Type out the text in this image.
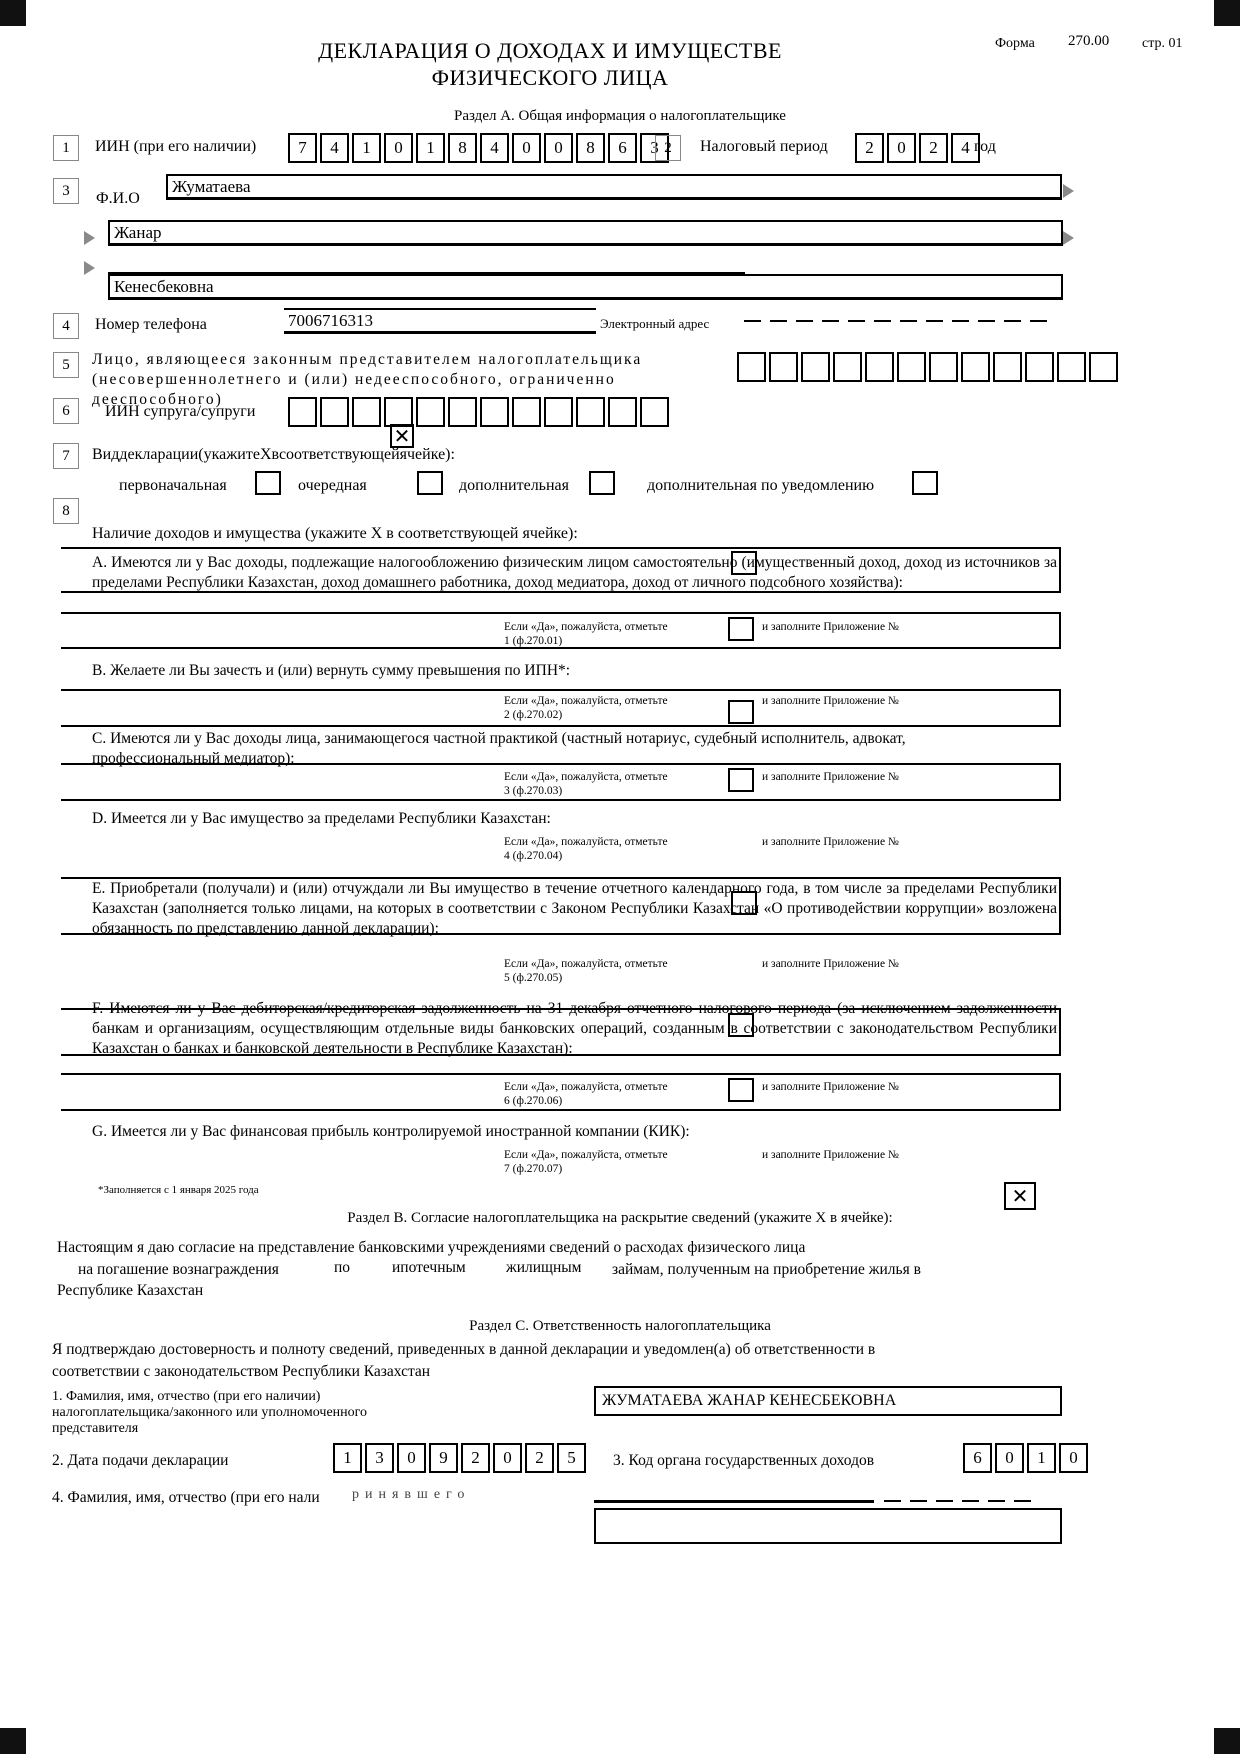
ДЕКЛАРАЦИЯ О ДОХОДАХ И ИМУЩЕСТВЕ
ФИЗИЧЕСКОГО ЛИЦА
Форма 270.00 стр. 01
Раздел А. Общая информация о налогоплательщике
1	ИИН (при его наличии)	7	4	1	0	1	8	4	0	0	8	6	3 2	Налоговый период	2	0	2	4 год
3	Ф.И.О
Жуматаева
Жанар
Кенесбековна
4	Номер телефона	7006716313	Электронный адрес
5	Лицо, являющееся законным представителем налогоплательщика
(несовершеннолетнего и (или) недееспособного, ограниченно дееспособного)
6	ИИН супруга/супруги
✕
7	Виддекларации(укажитеХвсоответствующейячейке):
первоначальная	очередная	дополнительная	дополнительная по уведомлению
8
Наличие доходов и имущества (укажите Х в соответствующей ячейке):
А. Имеются ли у Вас доходы, подлежащие налогообложению физическим лицом самостоятельно (имущественный доход, доход из источников за пределами Республики Казахстан, доход домашнего работника, доход медиатора, доход от личного подсобного хозяйства):
Если «Да», пожалуйста, отметьте
1 (ф.270.01)
и заполните Приложение №
В. Желаете ли Вы зачесть и (или) вернуть сумму превышения по ИПН*:
Если «Да», пожалуйста, отметьте
2 (ф.270.02)
и заполните Приложение №
С. Имеются ли у Вас доходы лица, занимающегося частной практикой (частный нотариус, судебный исполнитель, адвокат, профессиональный медиатор):
Если «Да», пожалуйста, отметьте
3 (ф.270.03)
и заполните Приложение №
D. Имеется ли у Вас имущество за пределами Республики Казахстан:
Если «Да», пожалуйста, отметьте
4 (ф.270.04)
и заполните Приложение №
Е. Приобретали (получали) и (или) отчуждали ли Вы имущество в течение отчетного календарного года, в том числе за пределами Республики Казахстан (заполняется только лицами, на которых в соответствии с Законом Республики Казахстан «О противодействии коррупции» возложена обязанность по представлению данной декларации):
Если «Да», пожалуйста, отметьте
5 (ф.270.05)
и заполните Приложение №
F. Имеются ли у Вас дебиторская/кредиторская задолженность на 31 декабря отчетного налогового периода (за исключением задолженности банкам и организациям, осуществляющим отдельные виды банковских операций, созданным в соответствии с законодательством Республики Казахстан о банках и банковской деятельности в Республике Казахстан):
Если «Да», пожалуйста, отметьте
6 (ф.270.06)
и заполните Приложение №
G. Имеется ли у Вас финансовая прибыль контролируемой иностранной компании (КИК):
Если «Да», пожалуйста, отметьте
7 (ф.270.07)
и заполните Приложение №
*Заполняется с 1 января 2025 года
✕
Раздел В. Согласие налогоплательщика на раскрытие сведений (укажите Х в ячейке):
Настоящим я даю согласие на представление банковскими учреждениями сведений о расходах физического лица
на погашение вознаграждения	по	ипотечным	жилищным займам, полученным на приобретение жилья в
Республике Казахстан
Раздел С. Ответственность налогоплательщика
Я подтверждаю достоверность и полноту сведений, приведенных в данной декларации и уведомлен(а) об ответственности в
соответствии с законодательством Республики Казахстан
1. Фамилия, имя, отчество (при его наличии)
налогоплательщика/законного или уполномоченного
представителя
ЖУМАТАЕВА ЖАНАР КЕНЕСБЕКОВНА
2. Дата подачи декларации	1	3	0	9	2	0	2	5	3. Код органа государственных доходов	6	0	1	0
4. Фамилия, имя, отчество (при его нали ринявшего
